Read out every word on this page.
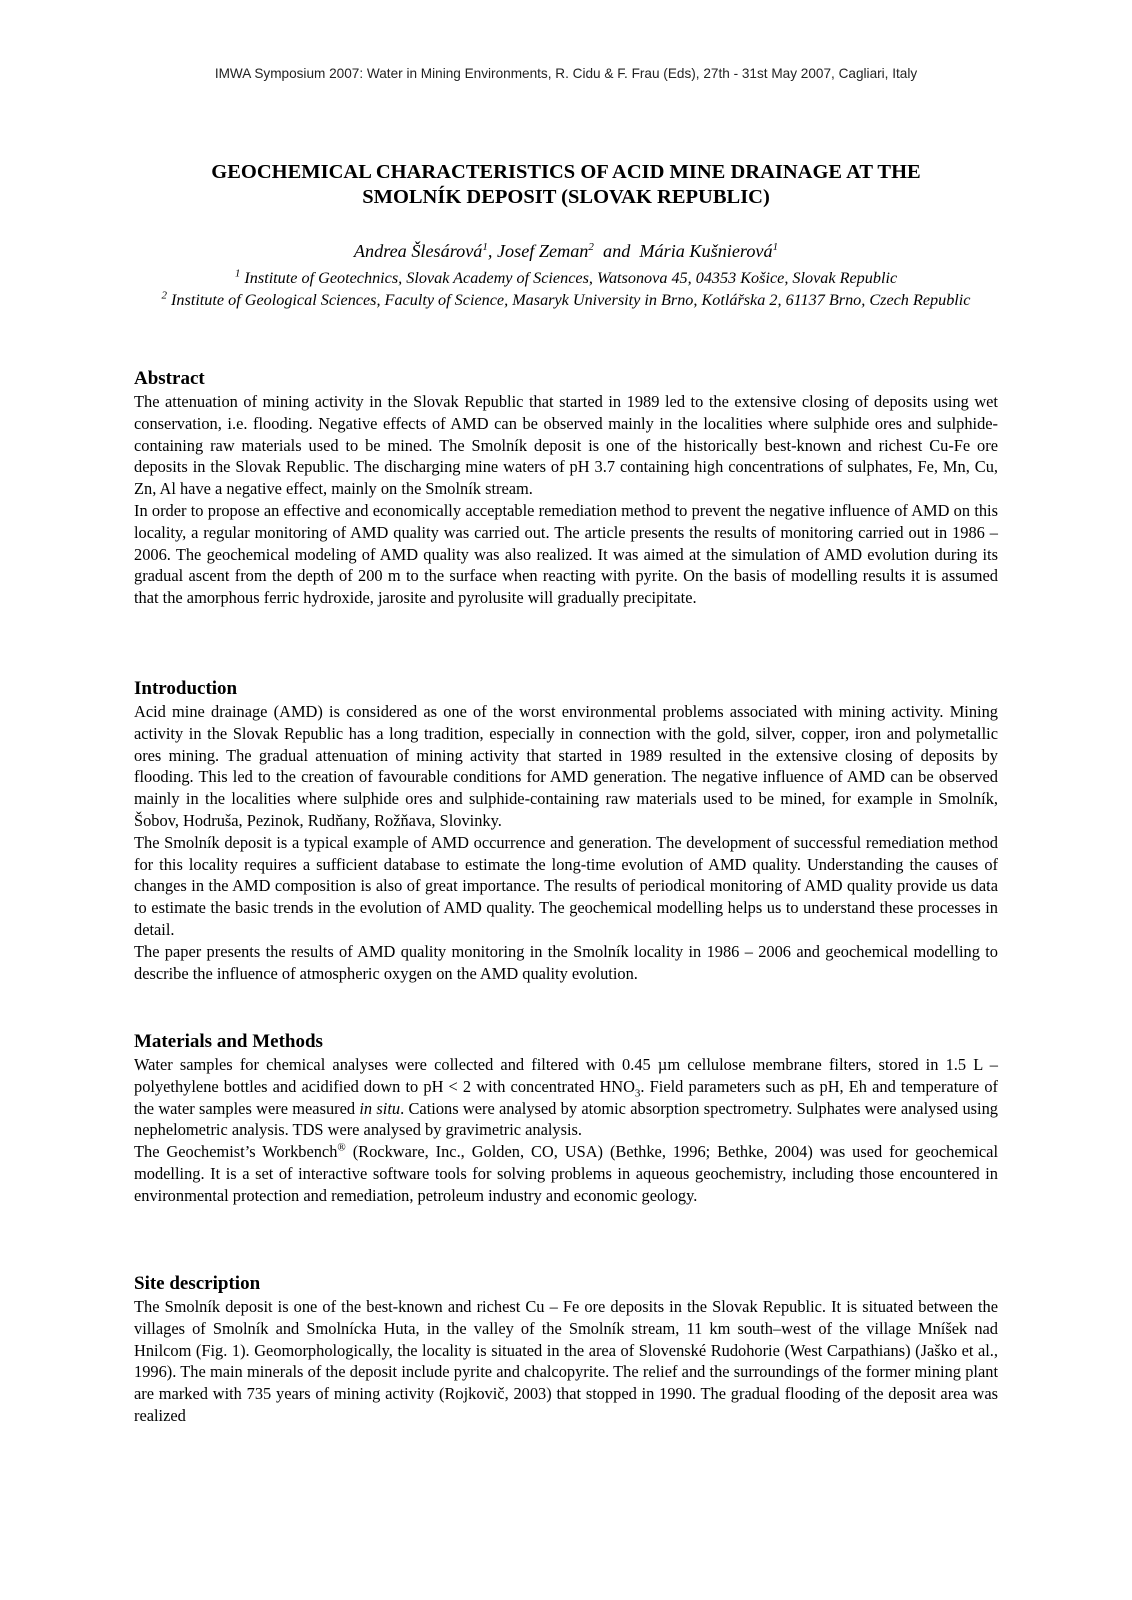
IMWA Symposium 2007: Water in Mining Environments, R. Cidu & F. Frau (Eds), 27th - 31st May 2007, Cagliari, Italy
GEOCHEMICAL CHARACTERISTICS OF ACID MINE DRAINAGE AT THE
SMOLNÍK DEPOSIT (SLOVAK REPUBLIC)
Andrea Šlesárová$^1$, Josef Zeman$^2$  and  Mária Kušnierová$^1$
$^1$ Institute of Geotechnics, Slovak Academy of Sciences, Watsonova 45, 04353 Košice, Slovak Republic
$^2$ Institute of Geological Sciences, Faculty of Science, Masaryk University in Brno, Kotlářska 2, 61137 Brno, Czech Republic
Abstract

The attenuation of mining activity in the Slovak Republic that started in 1989 led to the extensive closing of deposits using wet conservation, i.e. flooding. Negative effects of AMD can be observed mainly in the localities where sulphide ores and sulphide-containing raw materials used to be mined. The Smolník deposit is one of the historically best-known and richest Cu-Fe ore deposits in the Slovak Republic. The discharging mine waters of pH 3.7 containing high concentrations of sulphates, Fe, Mn, Cu, Zn, Al have a negative effect, mainly on the Smolník stream.

In order to propose an effective and economically acceptable remediation method to prevent the negative influence of AMD on this locality, a regular monitoring of AMD quality was carried out. The article presents the results of monitoring carried out in 1986 – 2006. The geochemical modeling of AMD quality was also realized. It was aimed at the simulation of AMD evolution during its gradual ascent from the depth of 200 m to the surface when reacting with pyrite. On the basis of modelling results it is assumed that the amorphous ferric hydroxide, jarosite and pyrolusite will gradually precipitate.

Introduction

Acid mine drainage (AMD) is considered as one of the worst environmental problems associated with mining activity. Mining activity in the Slovak Republic has a long tradition, especially in connection with the gold, silver, copper, iron and polymetallic ores mining. The gradual attenuation of mining activity that started in 1989 resulted in the extensive closing of deposits by flooding. This led to the creation of favourable conditions for AMD generation. The negative influence of AMD can be observed mainly in the localities where sulphide ores and sulphide-containing raw materials used to be mined, for example in Smolník, Šobov, Hodruša, Pezinok, Rudňany, Rožňava, Slovinky.

The Smolník deposit is a typical example of AMD occurrence and generation. The development of successful remediation method for this locality requires a sufficient database to estimate the long-time evolution of AMD quality. Understanding the causes of changes in the AMD composition is also of great importance. The results of periodical monitoring of AMD quality provide us data to estimate the basic trends in the evolution of AMD quality. The geochemical modelling helps us to understand these processes in detail.

The paper presents the results of AMD quality monitoring in the Smolník locality in 1986 – 2006 and geochemical modelling to describe the influence of atmospheric oxygen on the AMD quality evolution.

Materials and Methods

Water samples for chemical analyses were collected and filtered with 0.45 µm cellulose membrane filters, stored in 1.5 L – polyethylene bottles and acidified down to pH < 2 with concentrated $HNO_3$. Field parameters such as pH, Eh and temperature of the water samples were measured in situ. Cations were analysed by atomic absorption spectrometry. Sulphates were analysed using nephelometric analysis. TDS were analysed by gravimetric analysis.

The Geochemist’s Workbench® (Rockware, Inc., Golden, CO, USA) (Bethke, 1996; Bethke, 2004) was used for geochemical modelling. It is a set of interactive software tools for solving problems in aqueous geochemistry, including those encountered in environmental protection and remediation, petroleum industry and economic geology.

Site description

The Smolník deposit is one of the best-known and richest Cu – Fe ore deposits in the Slovak Republic. It is situated between the villages of Smolník and Smolnícka Huta, in the valley of the Smolník stream, 11 km south–west of the village Mníšek nad Hnilcom (Fig. 1). Geomorphologically, the locality is situated in the area of Slovenské Rudohorie (West Carpathians) (Jaško et al., 1996). The main minerals of the deposit include pyrite and chalcopyrite. The relief and the surroundings of the former mining plant are marked with 735 years of mining activity (Rojkovič, 2003) that stopped in 1990. The gradual flooding of the deposit area was realized
